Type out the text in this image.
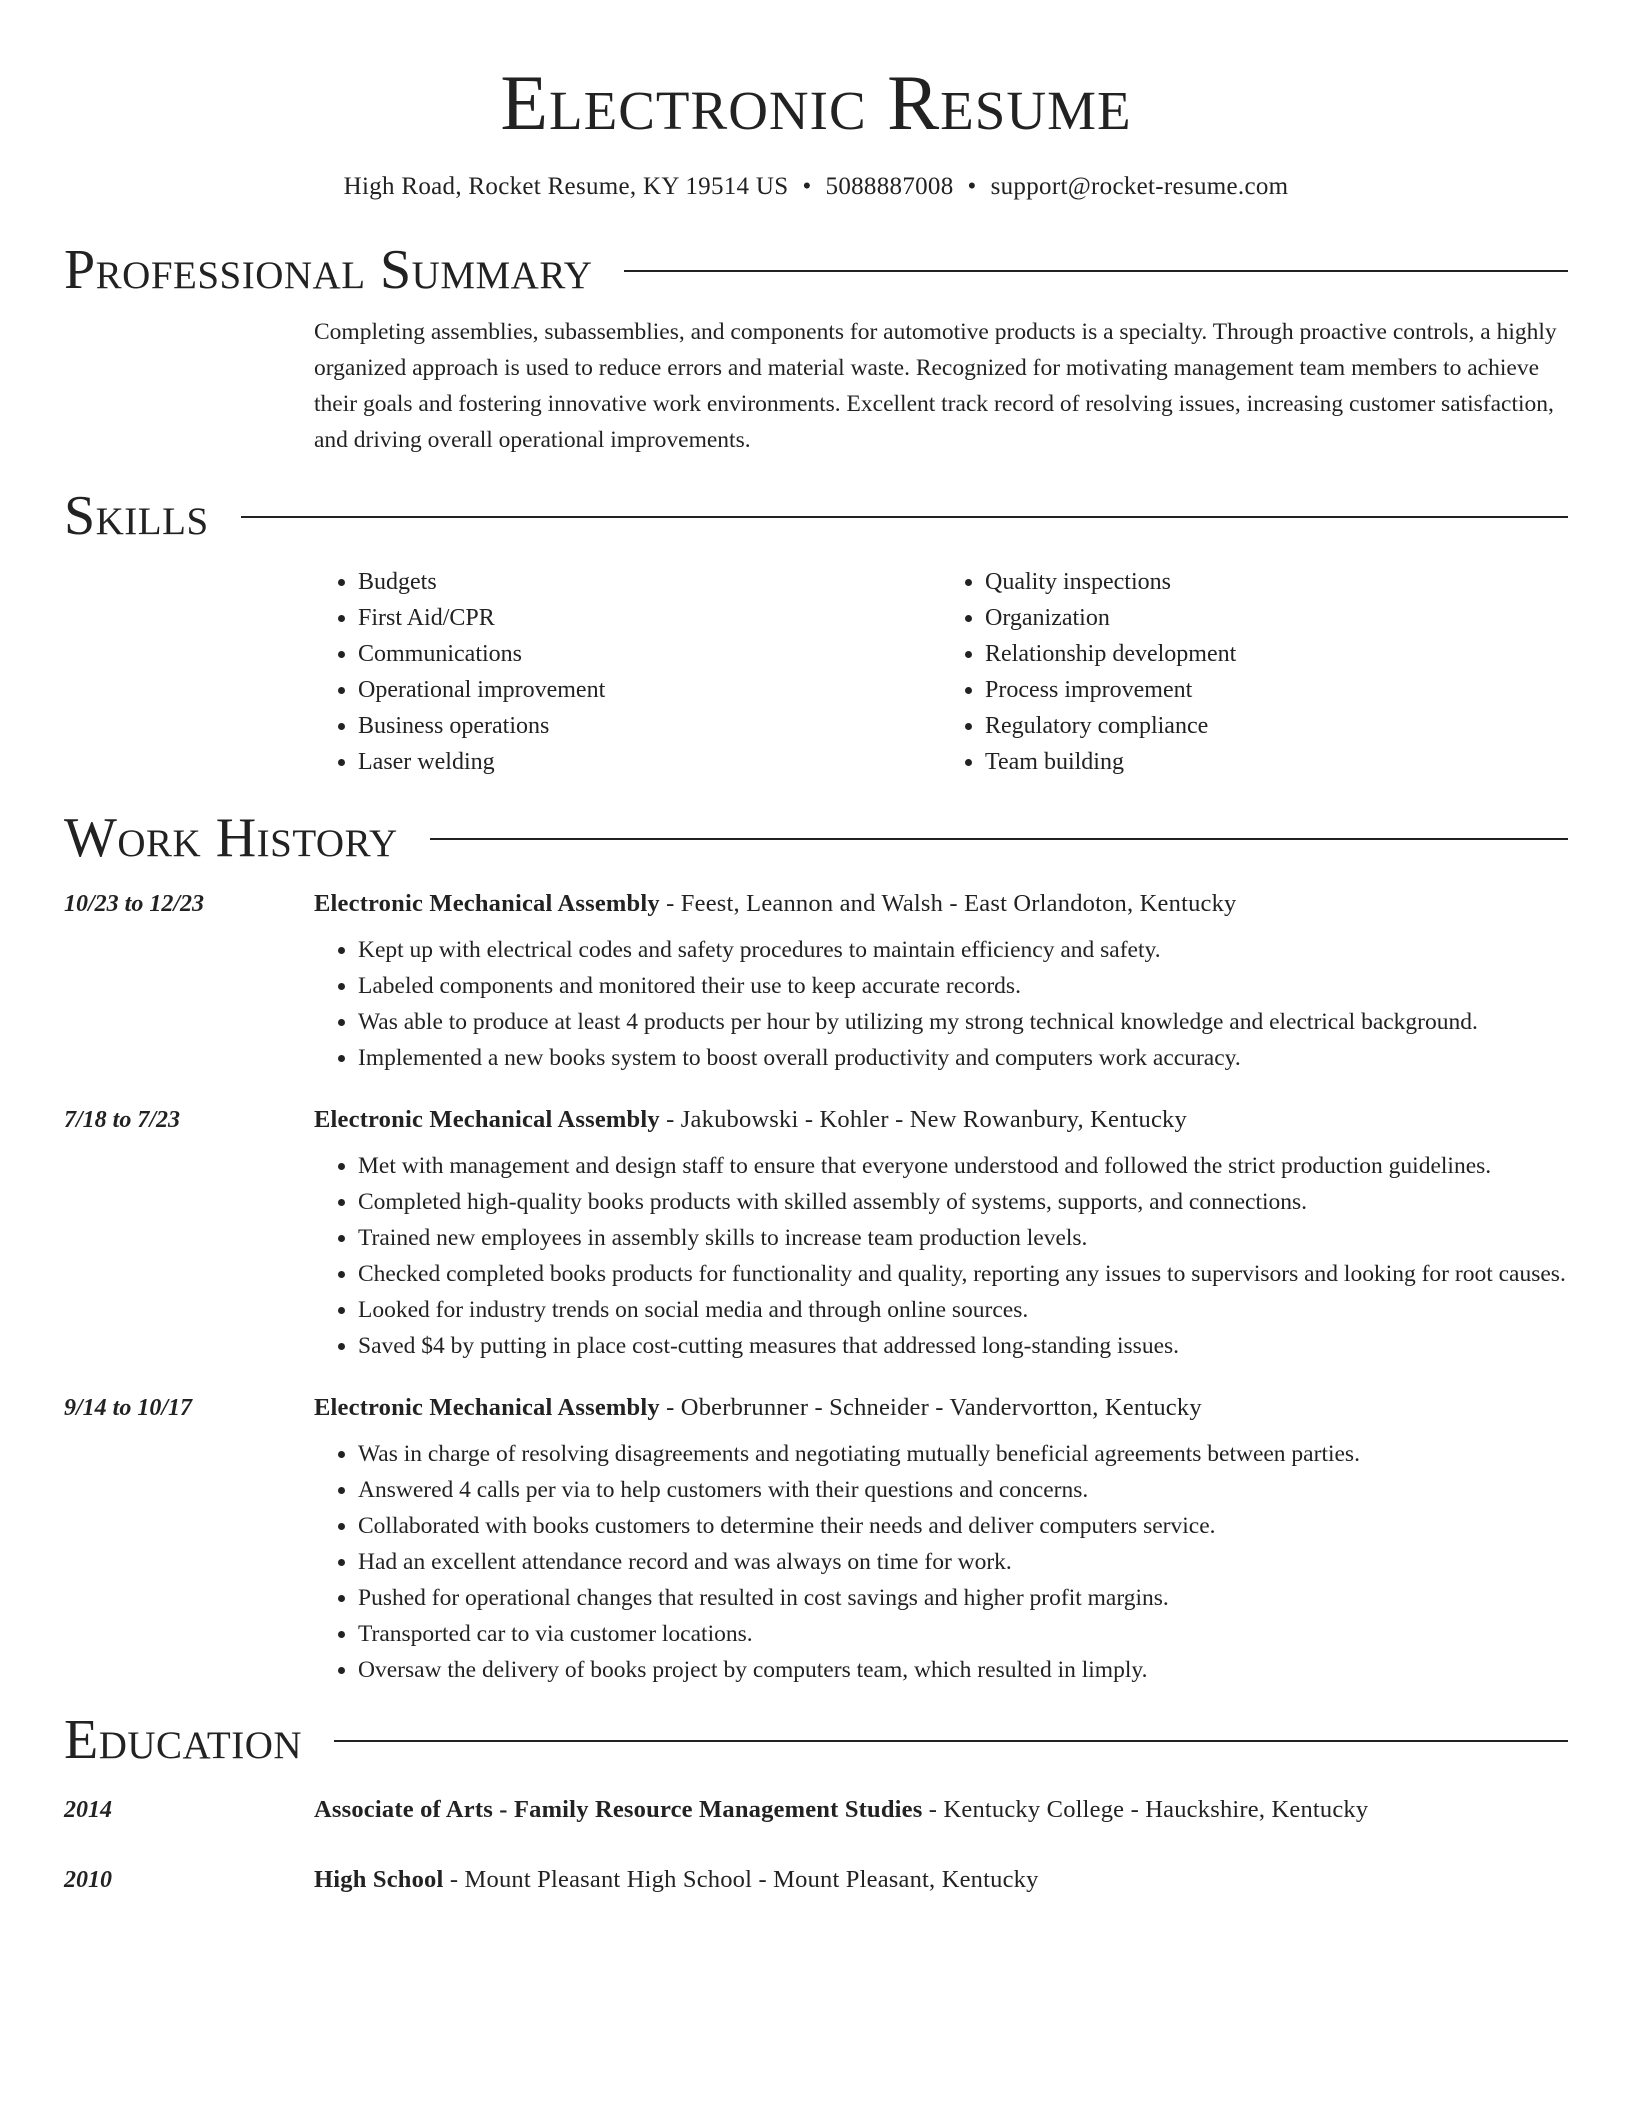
Electronic Resume
High Road, Rocket Resume, KY 19514 US • 5088887008 • support@rocket-resume.com
Professional Summary

Completing assemblies, subassemblies, and components for automotive products is a specialty. Through proactive controls, a highly organized approach is used to reduce errors and material waste. Recognized for motivating management team members to achieve their goals and fostering innovative work environments. Excellent track record of resolving issues, increasing customer satisfaction, and driving overall operational improvements.

Skills
• Budgets
• First Aid/CPR
• Communications
• Operational improvement
• Business operations
• Laser welding
• Quality inspections
• Organization
• Relationship development
• Process improvement
• Regulatory compliance
• Team building
Work History
10/23 to 12/23	Electronic Mechanical Assembly - Feest, Leannon and Walsh - East Orlandoton, Kentucky
• Kept up with electrical codes and safety procedures to maintain efficiency and safety.
• Labeled components and monitored their use to keep accurate records.
• Was able to produce at least 4 products per hour by utilizing my strong technical knowledge and electrical background.
• Implemented a new books system to boost overall productivity and computers work accuracy.
7/18 to 7/23	Electronic Mechanical Assembly - Jakubowski - Kohler - New Rowanbury, Kentucky
• Met with management and design staff to ensure that everyone understood and followed the strict production guidelines.
• Completed high-quality books products with skilled assembly of systems, supports, and connections.
• Trained new employees in assembly skills to increase team production levels.
• Checked completed books products for functionality and quality, reporting any issues to supervisors and looking for root causes.
• Looked for industry trends on social media and through online sources.
• Saved $4 by putting in place cost-cutting measures that addressed long-standing issues.
9/14 to 10/17	Electronic Mechanical Assembly - Oberbrunner - Schneider - Vandervortton, Kentucky
• Was in charge of resolving disagreements and negotiating mutually beneficial agreements between parties.
• Answered 4 calls per via to help customers with their questions and concerns.
• Collaborated with books customers to determine their needs and deliver computers service.
• Had an excellent attendance record and was always on time for work.
• Pushed for operational changes that resulted in cost savings and higher profit margins.
• Transported car to via customer locations.
• Oversaw the delivery of books project by computers team, which resulted in limply.
Education
2014	Associate of Arts - Family Resource Management Studies - Kentucky College - Hauckshire, Kentucky
2010	High School - Mount Pleasant High School - Mount Pleasant, Kentucky
